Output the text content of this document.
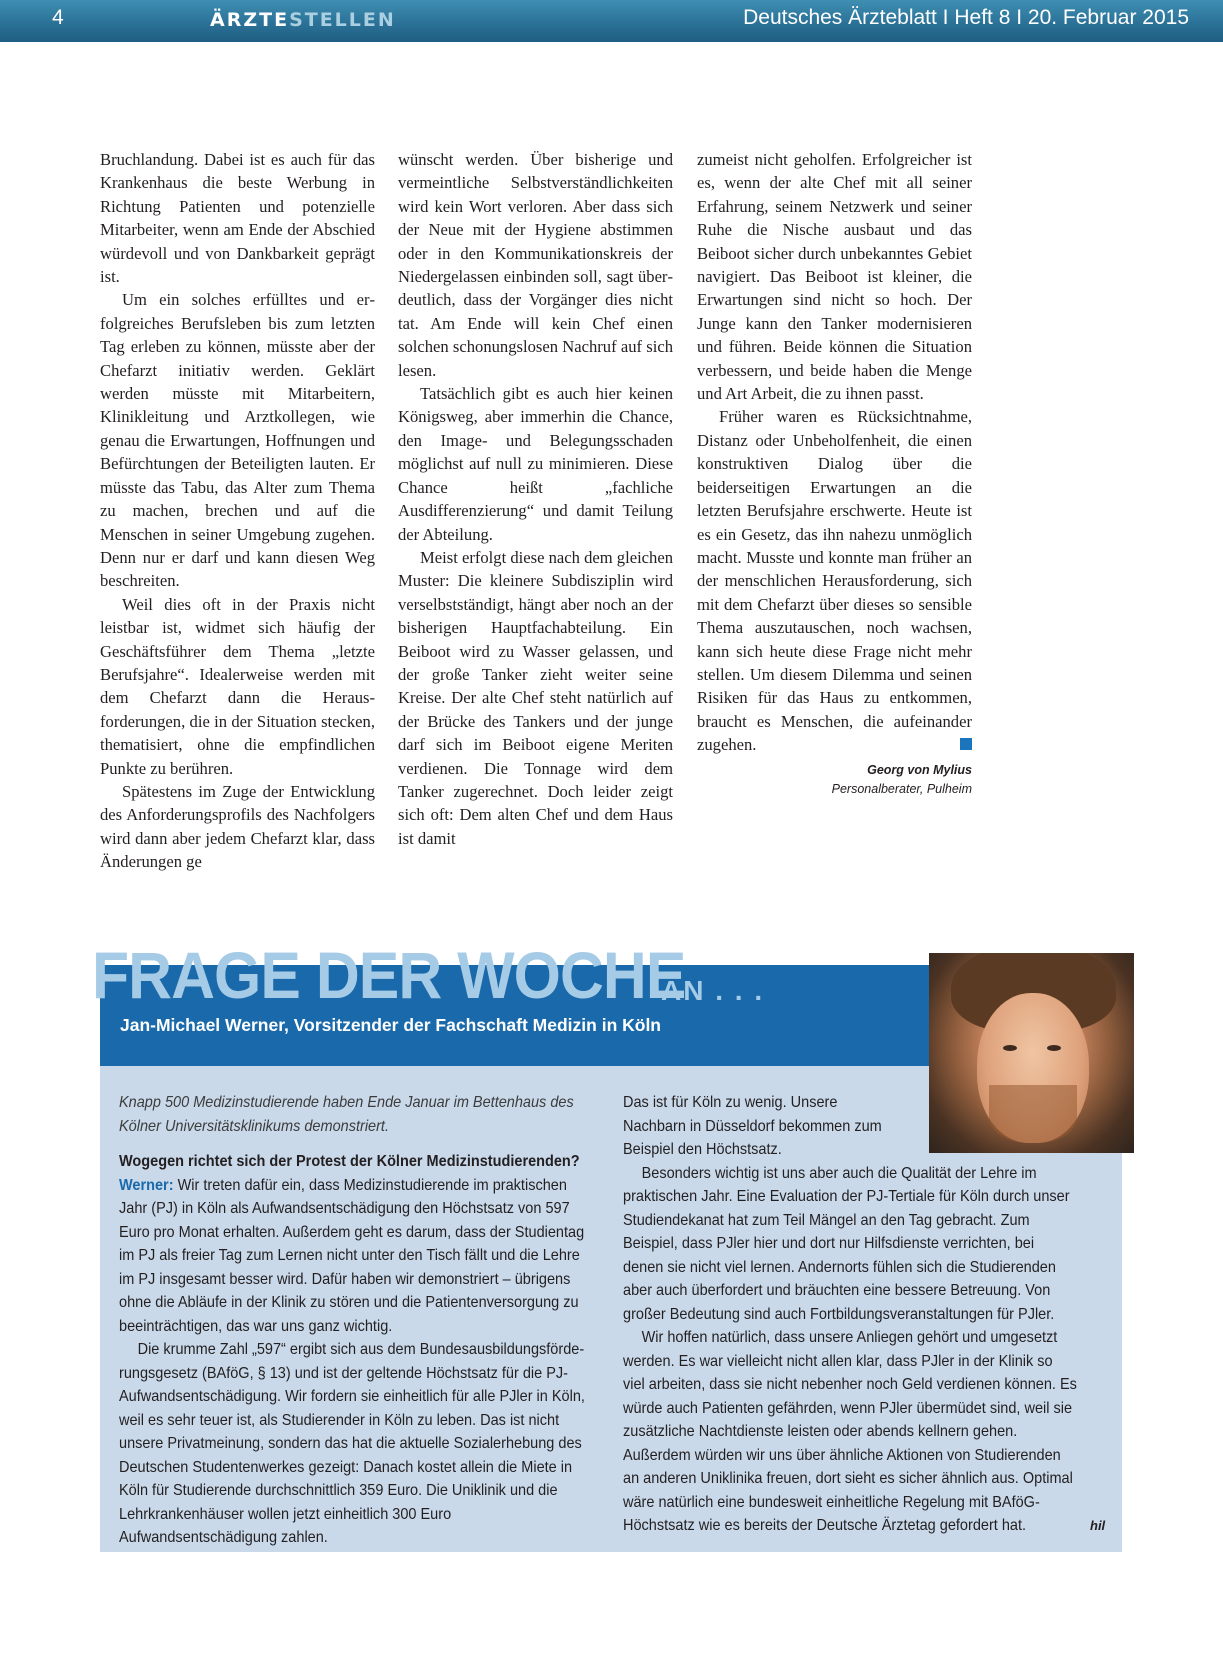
4	ÄRZTESTELLEN	Deutsches Ärzteblatt I Heft 8 I 20. Februar 2015

Bruchlandung. Dabei ist es auch für das Krankenhaus die beste Werbung in Richtung Patienten und potenzielle Mitarbeiter, wenn am Ende der Abschied würdevoll und von Dankbarkeit geprägt ist.

Um ein solches erfülltes und erfolgreiches Berufsleben bis zum letzten Tag erleben zu können, müsste aber der Chefarzt initiativ werden. Geklärt werden müsste mit Mitarbeitern, Klinikleitung und Arztkollegen, wie genau die Erwartungen, Hoffnungen und Befürchtungen der Beteiligten lauten. Er müsste das Tabu, das Alter zum Thema zu machen, brechen und auf die Menschen in seiner Umgebung zugehen. Denn nur er darf und kann diesen Weg beschreiten.

Weil dies oft in der Praxis nicht leistbar ist, widmet sich häufig der Geschäftsführer dem Thema „letzte Berufsjahre“. Idealerweise werden mit dem Chefarzt dann die Herausforderungen, die in der Situation stecken, thematisiert, ohne die empfindlichen Punkte zu berühren.

Spätestens im Zuge der Entwicklung des Anforderungsprofils des Nachfolgers wird dann aber jedem Chefarzt klar, dass Änderungen ge

wünscht werden. Über bisherige und vermeintliche Selbstverständlichkeiten wird kein Wort verloren. Aber dass sich der Neue mit der Hygiene abstimmen oder in den Kommunikationskreis der Niedergelassen einbinden soll, sagt überdeutlich, dass der Vorgänger dies nicht tat. Am Ende will kein Chef einen solchen schonungslosen Nachruf auf sich lesen.

Tatsächlich gibt es auch hier keinen Königsweg, aber immerhin die Chance, den Image- und Belegungsschaden möglichst auf null zu minimieren. Diese Chance heißt „fachliche Ausdifferenzierung“ und damit Teilung der Abteilung.

Meist erfolgt diese nach dem gleichen Muster: Die kleinere Subdisziplin wird verselbstständigt, hängt aber noch an der bisherigen Hauptfachabteilung. Ein Beiboot wird zu Wasser gelassen, und der große Tanker zieht weiter seine Kreise. Der alte Chef steht natürlich auf der Brücke des Tankers und der junge darf sich im Beiboot eigene Meriten verdienen. Die Tonnage wird dem Tanker zugerechnet. Doch leider zeigt sich oft: Dem alten Chef und dem Haus ist damit

zumeist nicht geholfen. Erfolgreicher ist es, wenn der alte Chef mit all seiner Erfahrung, seinem Netzwerk und seiner Ruhe die Nische ausbaut und das Beiboot sicher durch unbekanntes Gebiet navigiert. Das Beiboot ist kleiner, die Erwartungen sind nicht so hoch. Der Junge kann den Tanker modernisieren und führen. Beide können die Situation verbessern, und beide haben die Menge und Art Arbeit, die zu ihnen passt.

Früher waren es Rücksichtnahme, Distanz oder Unbeholfenheit, die einen konstruktiven Dialog über die beiderseitigen Erwartungen an die letzten Berufsjahre erschwerte. Heute ist es ein Gesetz, das ihn nahezu unmöglich macht. Musste und konnte man früher an der menschlichen Herausforderung, sich mit dem Chefarzt über dieses so sensible Thema auszutauschen, noch wachsen, kann sich heute diese Frage nicht mehr stellen. Um diesem Dilemma und seinen Risiken für das Haus zu entkommen, braucht es Menschen, die aufeinander zugehen.

Georg von Mylius
Personalberater, Pulheim
FRAGE DER WOCHE
AN . . .
Jan-Michael Werner, Vorsitzender der Fachschaft Medizin in Köln

Knapp 500 Medizinstudierende haben Ende Januar im Bettenhaus des Kölner Universitätsklinikums demonstriert.

Wogegen richtet sich der Protest der Kölner Medizinstudierenden?

Werner: Wir treten dafür ein, dass Medizinstudierende im praktischen Jahr (PJ) in Köln als Aufwandsentschädigung den Höchstsatz von 597 Euro pro Monat erhalten. Außerdem geht es darum, dass der Studientag im PJ als freier Tag zum Lernen nicht unter den Tisch fällt und die Lehre im PJ insgesamt besser wird. Dafür haben wir demonstriert – übrigens ohne die Abläufe in der Klinik zu stören und die Patientenversorgung zu beeinträchtigen, das war uns ganz wichtig.

Die krumme Zahl „597“ ergibt sich aus dem Bundesausbildungsförderungsgesetz (BAföG, § 13) und ist der geltende Höchstsatz für die PJ-Aufwandsentschädigung. Wir fordern sie einheitlich für alle PJler in Köln, weil es sehr teuer ist, als Studierender in Köln zu leben. Das ist nicht unsere Privatmeinung, sondern das hat die aktuelle Sozialerhebung des Deutschen Studentenwerkes gezeigt: Danach kostet allein die Miete in Köln für Studierende durchschnittlich 359 Euro. Die Uniklinik und die Lehrkrankenhäuser wollen jetzt einheitlich 300 Euro Aufwandsentschädigung zahlen.

Das ist für Köln zu wenig. Unsere Nachbarn in Düsseldorf bekommen zum Beispiel den Höchstsatz.

Besonders wichtig ist uns aber auch die Qualität der Lehre im praktischen Jahr. Eine Evaluation der PJ-Tertiale für Köln durch unser Studiendekanat hat zum Teil Mängel an den Tag gebracht. Zum Beispiel, dass PJler hier und dort nur Hilfsdienste verrichten, bei denen sie nicht viel lernen. Andernorts fühlen sich die Studierenden aber auch überfordert und bräuchten eine bessere Betreuung. Von großer Bedeutung sind auch Fortbildungsveranstaltungen für PJler.

Wir hoffen natürlich, dass unsere Anliegen gehört und umgesetzt werden. Es war vielleicht nicht allen klar, dass PJler in der Klinik so viel arbeiten, dass sie nicht nebenher noch Geld verdienen können. Es würde auch Patienten gefährden, wenn PJler übermüdet sind, weil sie zusätzliche Nachtdienste leisten oder abends kellnern gehen. Außerdem würden wir uns über ähnliche Aktionen von Studierenden an anderen Uniklinika freuen, dort sieht es sicher ähnlich aus. Optimal wäre natürlich eine bundesweit einheitliche Regelung mit BAföG-Höchstsatz wie es bereits der Deutsche Ärztetag gefordert hat.	hil
